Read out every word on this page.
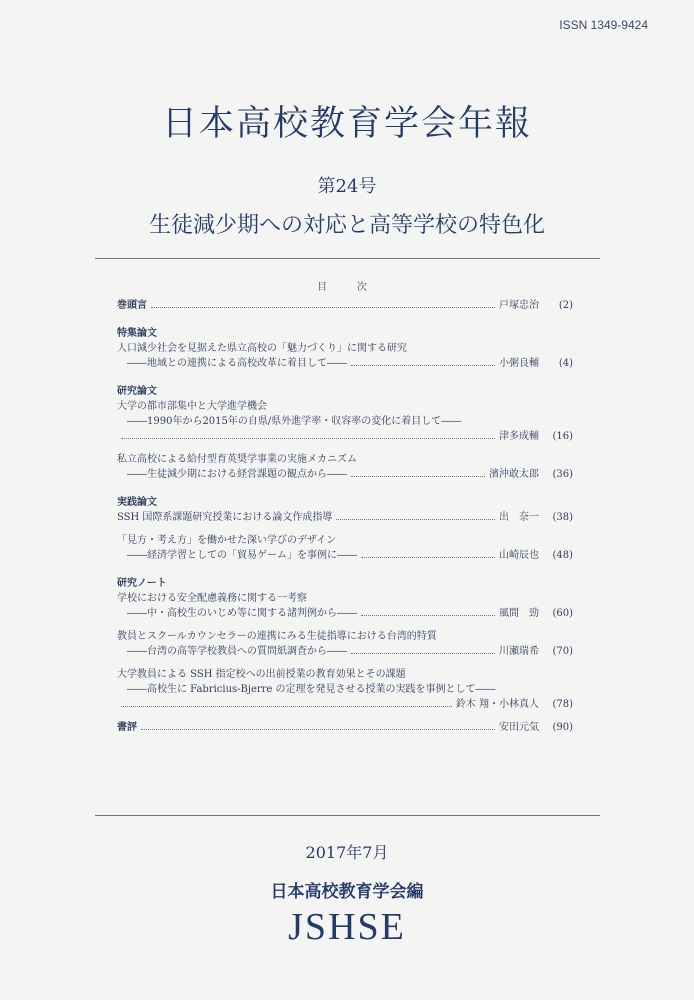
ISSN 1349-9424
日本高校教育学会年報
第24号
生徒減少期への対応と高等学校の特色化
目　次
巻頭言	戸塚忠治	(2)
特集論文
人口減少社会を見据えた県立高校の「魅力づくり」に関する研究
――地域との連携による高校改革に着目して――	小粥良輔	(4)
研究論文
大学の都市部集中と大学進学機会
――1990年から2015年の自県/県外進学率・収容率の変化に着目して――
津多成輔	(16)
私立高校による給付型育英奨学事業の実施メカニズム
――生徒減少期における経営課題の観点から――	濱沖敢太郎	(36)
実践論文
SSH 国際系課題研究授業における論文作成指導	出　奈一	(38)
「見方・考え方」を働かせた深い学びのデザイン
――経済学習としての「貿易ゲーム」を事例に――	山崎辰也	(48)
研究ノート
学校における安全配慮義務に関する一考察
――中・高校生のいじめ等に関する諸判例から――	風間　勁	(60)
教員とスクールカウンセラーの連携にみる生徒指導における台湾的特質
――台湾の高等学校教員への質問紙調査から――	川瀬瑞希	(70)
大学教員による SSH 指定校への出前授業の教育効果とその課題
――高校生に Fabricius-Bjerre の定理を発見させる授業の実践を事例として――
鈴木 翔・小林真人	(78)
書評	安田元気	(90)
2017年7月
日本高校教育学会編
JSHSE
